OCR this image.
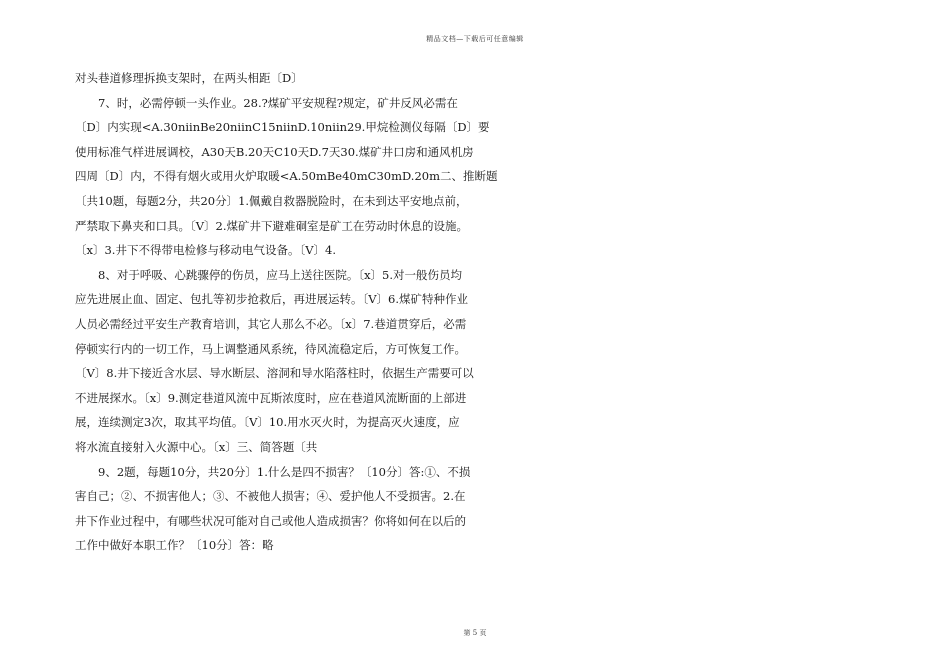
精品文档—下载后可任意编辑
对头巷道修理拆换支架时，在两头相距〔D〕
7、时，必需停顿一头作业。28.?煤矿平安规程?规定，矿井反风必需在
〔D〕内实现<A.30niinBe20niinC15niinD.10niin29.甲烷检测仪每隔〔D〕要
使用标准气样进展调校，A30天B.20天C10天D.7天30.煤矿井口房和通风机房
四周〔D〕内，不得有烟火或用火炉取暖<A.50mBe40mC30mD.20m二、推断题
〔共10题，每题2分，共20分〕1.佩戴自救器脱险时，在未到达平安地点前，
严禁取下鼻夹和口具。〔V〕2.煤矿井下避难硐室是矿工在劳动时休息的设施。
〔x〕3.井下不得带电检修与移动电气设备。〔V〕4.
8、对于呼吸、心跳骤停的伤员，应马上送往医院。〔x〕5.对一般伤员均
应先进展止血、固定、包扎等初步抢救后，再进展运转。〔V〕6.煤矿特种作业
人员必需经过平安生产教育培训，其它人那么不必。〔x〕7.巷道贯穿后，必需
停顿实行内的一切工作，马上调整通风系统，待风流稳定后，方可恢复工作。
〔V〕8.井下接近含水层、导水断层、溶洞和导水陷落柱时，依据生产需要可以
不进展探水。〔x〕9.测定巷道风流中瓦斯浓度时，应在巷道风流断面的上部进
展，连续测定3次，取其平均值。〔V〕10.用水灭火时，为提高灭火速度，应
将水流直接射入火源中心。〔x〕三、简答题〔共
9、2题，每题10分，共20分〕1.什么是四不损害？〔10分〕答:①、不损
害自己；②、不损害他人；③、不被他人损害；④、爱护他人不受损害。2.在
井下作业过程中，有哪些状况可能对自己或他人造成损害？你将如何在以后的
工作中做好本职工作？〔10分〕答：略
第 5 页
